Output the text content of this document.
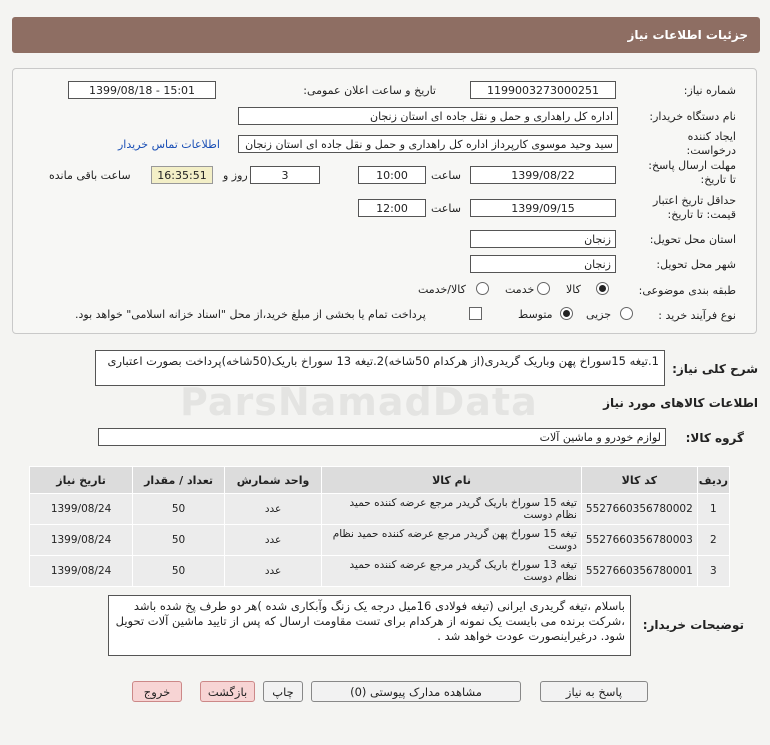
جزئیات اطلاعات نیاز
شماره نیاز:
1199003273000251
تاریخ و ساعت اعلان عمومی:
1399/08/18 - 15:01
نام دستگاه خریدار:
اداره کل راهداری و حمل و نقل جاده ای استان زنجان
ایجاد کننده درخواست:
سید وحید موسوی کارپرداز اداره کل راهداری و حمل و نقل جاده ای استان زنجان
اطلاعات تماس خریدار
مهلت ارسال پاسخ: تا تاریخ:
1399/08/22
ساعت
10:00
3
روز و
16:35:51
ساعت باقی مانده
حداقل تاریخ اعتبار قیمت: تا تاریخ:
1399/09/15
ساعت
12:00
استان محل تحویل:
زنجان
شهر محل تحویل:
زنجان
طبقه بندی موضوعی:
کالا
خدمت
کالا/خدمت
نوع فرآیند خرید :
جزیی
متوسط
پرداخت تمام یا بخشی از مبلغ خرید،از محل "اسناد خزانه اسلامی" خواهد بود.
ParsNamadData
شرح کلی نیاز:
1.تیغه 15سوراخ پهن وباریک گریدری(از هرکدام 50شاخه)2.تیغه 13 سوراخ باریک(50شاخه)پرداخت بصورت اعتباری
اطلاعات کالاهای مورد نیاز
گروه کالا:
لوازم خودرو و ماشین آلات
ردیف	کد کالا	نام کالا	واحد شمارش	تعداد / مقدار	تاریخ نیاز
1	5527660356780002	تیغه 15 سوراخ باریک گریدر مرجع عرضه کننده حمید نظام دوست	عدد	50	1399/08/24
2	5527660356780003	تیغه 15 سوراخ پهن گریدر مرجع عرضه کننده حمید نظام دوست	عدد	50	1399/08/24
3	5527660356780001	تیغه 13 سوراخ باریک گریدر مرجع عرضه کننده حمید نظام دوست	عدد	50	1399/08/24
توضیحات خریدار:
باسلام ،تیغه گریدری ایرانی (تیغه فولادی 16میل درجه یک زنگ وآبکاری شده )هر دو طرف پخ شده باشد ،شرکت برنده می بایست یک نمونه از هرکدام برای تست مقاومت ارسال که پس از تایید ماشین آلات تحویل شود. درغیراینصورت عودت خواهد شد .
پاسخ به نیاز
مشاهده مدارک پیوستی (0)
چاپ
بازگشت
خروج
